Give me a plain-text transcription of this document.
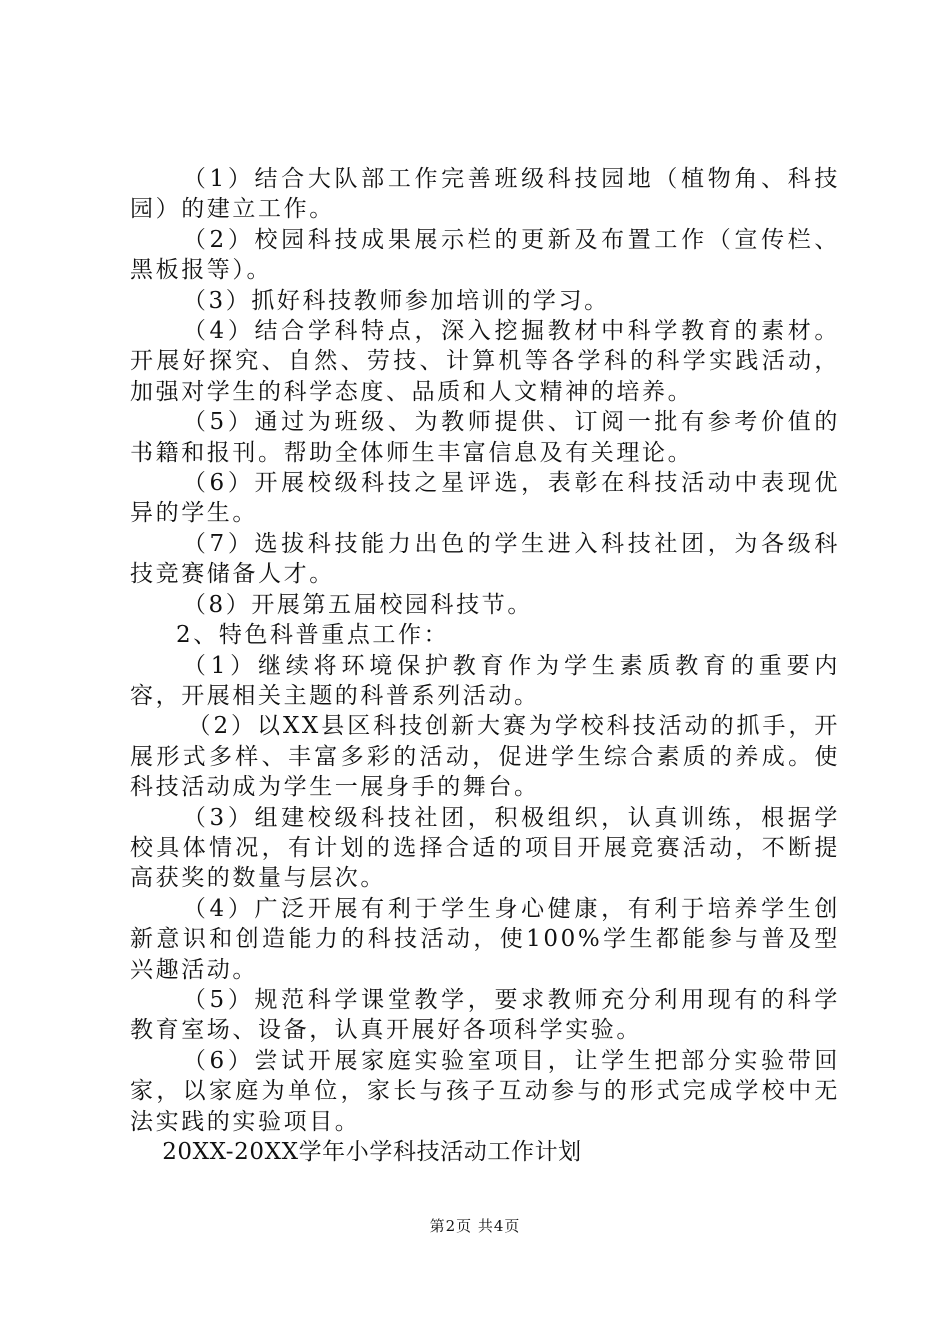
（1）结合大队部工作完善班级科技园地（植物角、科技园）的建立工作。

（2）校园科技成果展示栏的更新及布置工作（宣传栏、黑板报等）。

（3）抓好科技教师参加培训的学习。

（4）结合学科特点，深入挖掘教材中科学教育的素材。开展好探究、自然、劳技、计算机等各学科的科学实践活动，加强对学生的科学态度、品质和人文精神的培养。

（5）通过为班级、为教师提供、订阅一批有参考价值的书籍和报刊。帮助全体师生丰富信息及有关理论。

（6）开展校级科技之星评选，表彰在科技活动中表现优异的学生。

（7）选拔科技能力出色的学生进入科技社团，为各级科技竞赛储备人才。

（8）开展第五届校园科技节。

2、特色科普重点工作：

（1）继续将环境保护教育作为学生素质教育的重要内容，开展相关主题的科普系列活动。

（2）以XX县区科技创新大赛为学校科技活动的抓手，开展形式多样、丰富多彩的活动，促进学生综合素质的养成。使科技活动成为学生一展身手的舞台。

（3）组建校级科技社团，积极组织，认真训练，根据学校具体情况，有计划的选择合适的项目开展竞赛活动，不断提高获奖的数量与层次。

（4）广泛开展有利于学生身心健康，有利于培养学生创新意识和创造能力的科技活动，使100%学生都能参与普及型兴趣活动。

（5）规范科学课堂教学，要求教师充分利用现有的科学教育室场、设备，认真开展好各项科学实验。

（6）尝试开展家庭实验室项目，让学生把部分实验带回家，以家庭为单位，家长与孩子互动参与的形式完成学校中无法实践的实验项目。

20XX-20XX学年小学科技活动工作计划

第2页 共4页
